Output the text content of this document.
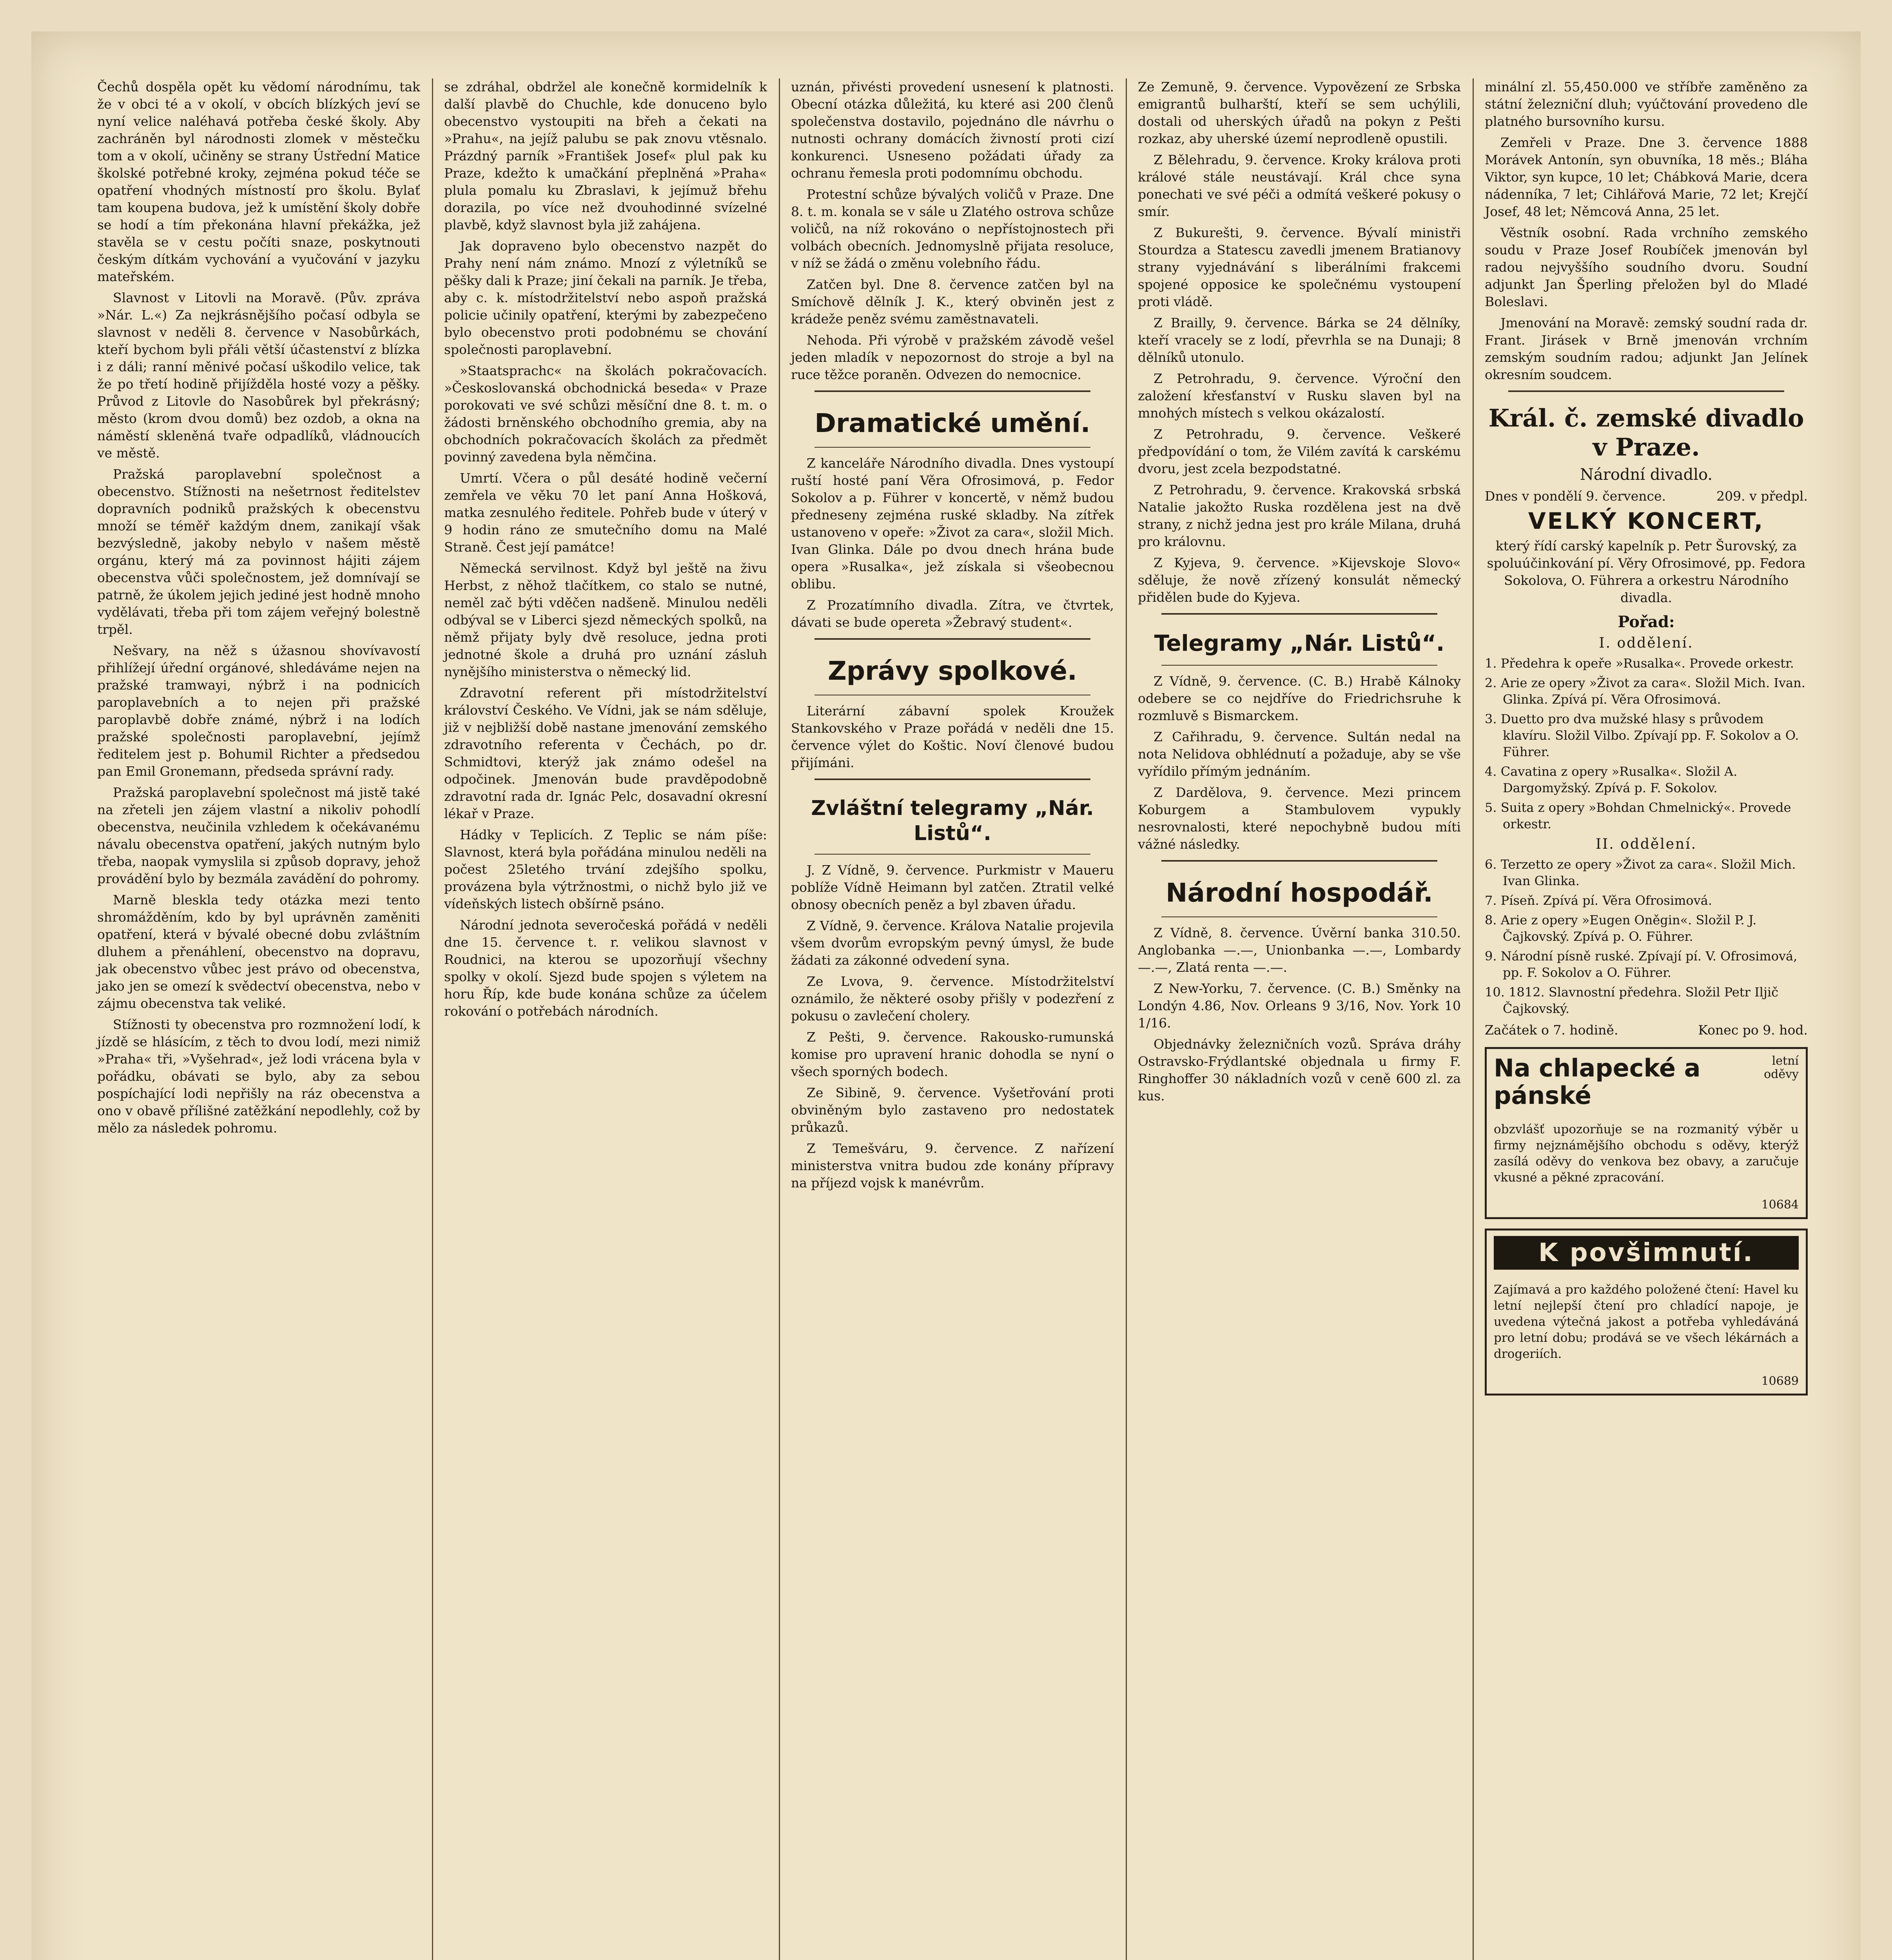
Čechů dospěla opět ku vědomí národnímu, tak že v obci té a v okolí, v obcích blízkých jeví se nyní velice naléhavá potřeba české školy. Aby zachráněn byl národnosti zlomek v městečku tom a v okolí, učiněny se strany Ústřední Matice školské potřebné kroky, zejména pokud téče se opatření vhodných místností pro školu. Bylať tam koupena budova, jež k umístění školy dobře se hodí a tím překonána hlavní překážka, jež stavěla se v cestu počíti snaze, poskytnouti českým dítkám vychování a vyučování v jazyku mateřském.

Slavnost v Litovli na Moravě. (Pův. zpráva »Nár. L.«) Za nejkrásnějšího počasí odbyla se slavnost v neděli 8. července v Nasobůrkách, kteří bychom byli přáli větší účastenství z blízka i z dáli; ranní měnivé počasí uškodilo velice, tak že po třetí hodině přijížděla hosté vozy a pěšky. Průvod z Litovle do Nasobůrek byl překrásný; město (krom dvou domů) bez ozdob, a okna na náměstí skleněná tvaře odpadlíků, vládnoucích ve městě.

Pražská paroplavební společnost a obecenstvo. Stížnosti na nešetrnost ředitelstev dopravních podniků pražských k obecenstvu množí se téměř každým dnem, zanikají však bezvýsledně, jakoby nebylo v našem městě orgánu, který má za povinnost hájiti zájem obecenstva vůči společnostem, jež domnívají se patrně, že úkolem jejich jediné jest hodně mnoho vydělávati, třeba při tom zájem veřejný bolestně trpěl.

Nešvary, na něž s úžasnou shovívavostí přihlížejí úřední orgánové, shledáváme nejen na pražské tramwayi, nýbrž i na podnicích paroplavebních a to nejen při pražské paroplavbě dobře známé, nýbrž i na lodích pražské společnosti paroplavební, jejímž ředitelem jest p. Bohumil Richter a předsedou pan Emil Gronemann, předseda správní rady.

Pražská paroplavební společnost má jistě také na zřeteli jen zájem vlastní a nikoliv pohodlí obecenstva, neučinila vzhledem k očekávanému návalu obecenstva opatření, jakých nutným bylo třeba, naopak vymyslila si způsob dopravy, jehož provádění bylo by bezmála zavádění do pohromy.

Marně bleskla tedy otázka mezi tento shromážděním, kdo by byl uprávněn zaměniti opatření, která v bývalé obecné dobu zvláštním dluhem a přenáhlení, obecenstvo na dopravu, jak obecenstvo vůbec jest právo od obecenstva, jako jen se omezí k svědectví obecenstva, nebo v zájmu obecenstva tak veliké.

Stížnosti ty obecenstva pro rozmnožení lodí, k jízdě se hlásícím, z těch to dvou lodí, mezi nimiž »Praha« tři, »Vyšehrad«, jež lodi vrácena byla v pořádku, obávati se bylo, aby za sebou pospíchající lodi nepřišly na ráz obecenstva a ono v obavě přílišné zatěžkání nepodlehly, což by mělo za následek pohromu.

se zdráhal, obdržel ale konečně kormidelník k další plavbě do Chuchle, kde donuceno bylo obecenstvo vystoupiti na břeh a čekati na »Prahu«, na jejíž palubu se pak znovu vtěsnalo. Prázdný parník »František Josef« plul pak ku Praze, kdežto k umačkání přeplněná »Praha« plula pomalu ku Zbraslavi, k jejímuž břehu dorazila, po více než dvouhodinné svízelné plavbě, když slavnost byla již zahájena.

Jak dopraveno bylo obecenstvo nazpět do Prahy není nám známo. Mnozí z výletníků se pěšky dali k Praze; jiní čekali na parník. Je třeba, aby c. k. místodržitelství nebo aspoň pražská policie učinily opatření, kterými by zabezpečeno bylo obecenstvo proti podobnému se chování společnosti paroplavební.

»Staatsprachc« na školách pokračovacích. »Českoslovanská obchodnická beseda« v Praze porokovati ve své schůzi měsíční dne 8. t. m. o žádosti brněnského obchodního gremia, aby na obchodních pokračovacích školách za předmět povinný zavedena byla němčina.

Umrtí. Včera o půl desáté hodině večerní zemřela ve věku 70 let paní Anna Hošková, matka zesnulého ředitele. Pohřeb bude v úterý v 9 hodin ráno ze smutečního domu na Malé Straně. Čest její památce!

Německá servilnost. Když byl ještě na živu Herbst, z něhož tlačítkem, co stalo se nutné, neměl zač býti vděčen nadšeně. Minulou neděli odbýval se v Liberci sjezd německých spolků, na němž přijaty byly dvě resoluce, jedna proti jednotné škole a druhá pro uznání zásluh nynějšího ministerstva o německý lid.

Zdravotní referent při místodržitelství království Českého. Ve Vídni, jak se nám sděluje, již v nejbližší době nastane jmenování zemského zdravotního referenta v Čechách, po dr. Schmidtovi, kterýž jak známo odešel na odpočinek. Jmenován bude pravděpodobně zdravotní rada dr. Ignác Pelc, dosavadní okresní lékař v Praze.

Hádky v Teplicích. Z Teplic se nám píše: Slavnost, která byla pořádána minulou neděli na počest 25letého trvání zdejšího spolku, provázena byla výtržnostmi, o nichž bylo již ve vídeňských listech obšírně psáno.

Národní jednota severočeská pořádá v neděli dne 15. července t. r. velikou slavnost v Roudnici, na kterou se upozorňují všechny spolky v okolí. Sjezd bude spojen s výletem na horu Říp, kde bude konána schůze za účelem rokování o potřebách národních.

uznán, přivésti provedení usnesení k platnosti. Obecní otázka důležitá, ku které asi 200 členů společenstva dostavilo, pojednáno dle návrhu o nutnosti ochrany domácích živností proti cizí konkurenci. Usneseno požádati úřady za ochranu řemesla proti podomnímu obchodu.

Protestní schůze bývalých voličů v Praze. Dne 8. t. m. konala se v sále u Zlatého ostrova schůze voličů, na níž rokováno o nepřístojnostech při volbách obecních. Jednomyslně přijata resoluce, v níž se žádá o změnu volebního řádu.

Zatčen byl. Dne 8. července zatčen byl na Smíchově dělník J. K., který obviněn jest z krádeže peněz svému zaměstnavateli.

Nehoda. Při výrobě v pražském závodě vešel jeden mladík v nepozornost do stroje a byl na ruce těžce poraněn. Odvezen do nemocnice.

Dramatické umění.

Z kanceláře Národního divadla. Dnes vystoupí ruští hosté paní Věra Ofrosimová, p. Fedor Sokolov a p. Führer v koncertě, v němž budou předneseny zejména ruské skladby. Na zítřek ustanoveno v opeře: »Život za cara«, složil Mich. Ivan Glinka. Dále po dvou dnech hrána bude opera »Rusalka«, jež získala si všeobecnou oblibu.

Z Prozatímního divadla. Zítra, ve čtvrtek, dávati se bude opereta »Žebravý student«.

Zprávy spolkové.

Literární zábavní spolek Kroužek Stankovského v Praze pořádá v neděli dne 15. července výlet do Koštic. Noví členové budou přijímáni.

Zvláštní telegramy „Nár. Listů“.

J. Z Vídně, 9. července. Purkmistr v Maueru poblíže Vídně Heimann byl zatčen. Ztratil velké obnosy obecních peněz a byl zbaven úřadu.

Z Vídně, 9. července. Králova Natalie projevila všem dvorům evropským pevný úmysl, že bude žádati za zákonné odvedení syna.

Ze Lvova, 9. července. Místodržitelství oznámilo, že některé osoby přišly v podezření z pokusu o zavlečení cholery.

Z Pešti, 9. července. Rakousko-rumunská komise pro upravení hranic dohodla se nyní o všech sporných bodech.

Ze Sibině, 9. července. Vyšetřování proti obviněným bylo zastaveno pro nedostatek průkazů.

Z Temešváru, 9. července. Z nařízení ministerstva vnitra budou zde konány přípravy na příjezd vojsk k manévrům.

Ze Zemuně, 9. července. Vypovězení ze Srbska emigrantů bulharští, kteří se sem uchýlili, dostali od uherských úřadů na pokyn z Pešti rozkaz, aby uherské území neprodleně opustili.

Z Bělehradu, 9. července. Kroky králova proti králové stále neustávají. Král chce syna ponechati ve své péči a odmítá veškeré pokusy o smír.

Z Bukurešti, 9. července. Bývalí ministři Stourdza a Statescu zavedli jmenem Bratianovy strany vyjednávání s liberálními frakcemi spojené opposice ke společnému vystoupení proti vládě.

Z Brailly, 9. července. Bárka se 24 dělníky, kteří vracely se z lodí, převrhla se na Dunaji; 8 dělníků utonulo.

Z Petrohradu, 9. července. Výroční den založení křesťanství v Rusku slaven byl na mnohých místech s velkou okázalostí.

Z Petrohradu, 9. července. Veškeré předpovídání o tom, že Vilém zavítá k carskému dvoru, jest zcela bezpodstatné.

Z Petrohradu, 9. července. Krakovská srbská Natalie jakožto Ruska rozdělena jest na dvě strany, z nichž jedna jest pro krále Milana, druhá pro královnu.

Z Kyjeva, 9. července. »Kijevskoje Slovo« sděluje, že nově zřízený konsulát německý přidělen bude do Kyjeva.

Telegramy „Nár. Listů“.

Z Vídně, 9. července. (C. B.) Hrabě Kálnoky odebere se co nejdříve do Friedrichsruhe k rozmluvě s Bismarckem.

Z Cařihradu, 9. července. Sultán nedal na nota Nelidova obhlédnutí a požaduje, aby se vše vyřídilo přímým jednáním.

Z Dardělova, 9. července. Mezi princem Koburgem a Stambulovem vypukly nesrovnalosti, které nepochybně budou míti vážné následky.

Národní hospodář.

Z Vídně, 8. července. Úvěrní banka 310.50. Anglobanka —.—, Unionbanka —.—, Lombardy —.—, Zlatá renta —.—.

Z New-Yorku, 7. července. (C. B.) Směnky na Londýn 4.86, Nov. Orleans 9 3/16, Nov. York 10 1/16.

Objednávky železničních vozů. Správa dráhy Ostravsko-Frýdlantské objednala u firmy F. Ringhoffer 30 nákladních vozů v ceně 600 zl. za kus.

minální zl. 55,450.000 ve stříbře zaměněno za státní železniční dluh; vyúčtování provedeno dle platného bursovního kursu.

Zemřeli v Praze. Dne 3. července 1888 Morávek Antonín, syn obuvníka, 18 měs.; Bláha Viktor, syn kupce, 10 let; Chábková Marie, dcera nádenníka, 7 let; Cihlářová Marie, 72 let; Krejčí Josef, 48 let; Němcová Anna, 25 let.

Věstník osobní. Rada vrchního zemského soudu v Praze Josef Roubíček jmenován byl radou nejvyššího soudního dvoru. Soudní adjunkt Jan Šperling přeložen byl do Mladé Boleslavi.

Jmenování na Moravě: zemský soudní rada dr. Frant. Jirásek v Brně jmenován vrchním zemským soudním radou; adjunkt Jan Jelínek okresním soudcem.

Král. č. zemské divadlo v Praze.
Národní divadlo.
Dnes v pondělí 9. července.	209. v předpl.
VELKÝ KONCERT,

který řídí carský kapelník p. Petr Šurovský, za spoluúčinkování pí. Věry Ofrosimové, pp. Fedora Sokolova, O. Führera a orkestru Národního divadla.

Pořad:
I. oddělení.
1. Předehra k opeře »Rusalka«. Provede orkestr.
2. Arie ze opery »Život za cara«. Složil Mich. Ivan. Glinka. Zpívá pí. Věra Ofrosimová.
3. Duetto pro dva mužské hlasy s průvodem klavíru. Složil Vilbo. Zpívají pp. F. Sokolov a O. Führer.
4. Cavatina z opery »Rusalka«. Složil A. Dargomyžský. Zpívá p. F. Sokolov.
5. Suita z opery »Bohdan Chmelnický«. Provede orkestr.
II. oddělení.
6. Terzetto ze opery »Život za cara«. Složil Mich. Ivan Glinka.
7. Píseň. Zpívá pí. Věra Ofrosimová.
8. Arie z opery »Eugen Oněgin«. Složil P. J. Čajkovský. Zpívá p. O. Führer.
9. Národní písně ruské. Zpívají pí. V. Ofrosimová, pp. F. Sokolov a O. Führer.
10. 1812. Slavnostní předehra. Složil Petr Iljič Čajkovský.
Začátek o 7. hodině.	Konec po 9. hod.
letní oděvy
Na chlapecké a pánské

obzvlášť upozorňuje se na rozmanitý výběr u firmy nejznámějšího obchodu s oděvy, kterýž zasílá oděvy do venkova bez obavy, a zaručuje vkusné a pěkné zpracování.

10684
K povšimnutí.

Zajímavá a pro každého položené čtení: Havel ku letní nejlepší čtení pro chladící napoje, je uvedena výtečná jakost a potřeba vyhledáváná pro letní dobu; prodává se ve všech lékárnách a drogeriích.

10689
